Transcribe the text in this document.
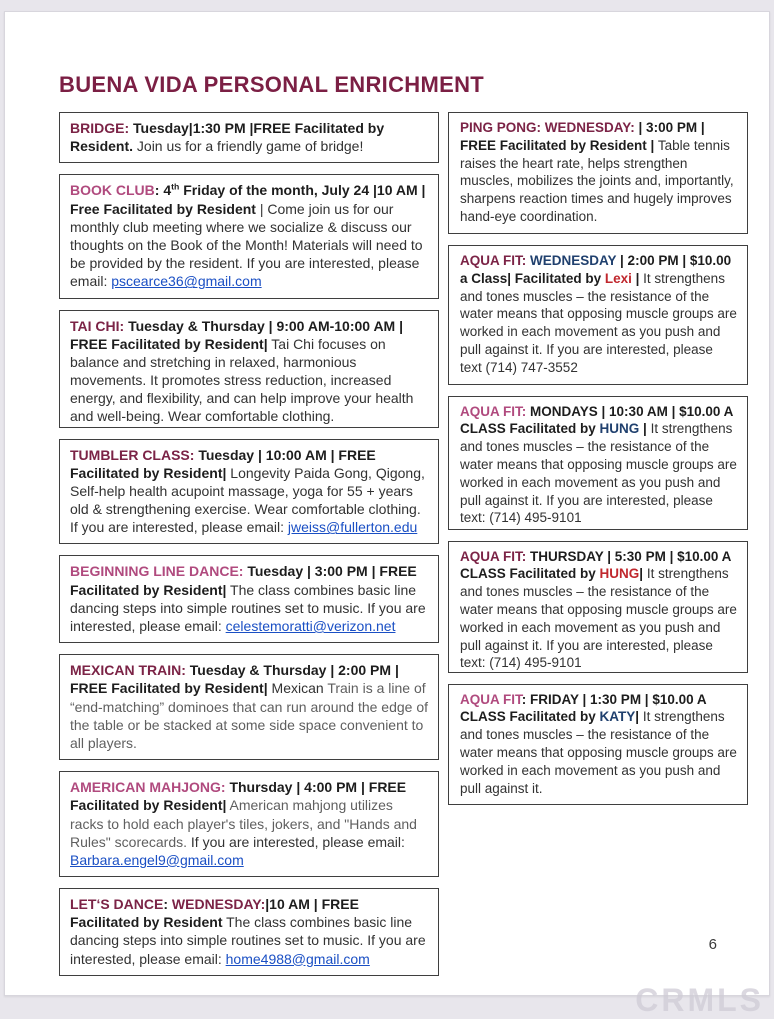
BUENA VIDA PERSONAL ENRICHMENT
BRIDGE: Tuesday|1:30 PM |FREE Facilitated by Resident. Join us for a friendly game of bridge!
BOOK CLUB: 4th Friday of the month, July 24 |10 AM | Free Facilitated by Resident | Come join us for our monthly club meeting where we socialize & discuss our thoughts on the Book of the Month! Materials will need to be provided by the resident. If you are interested, please email: pscearce36@gmail.com
TAI CHI: Tuesday & Thursday | 9:00 AM-10:00 AM | FREE Facilitated by Resident| Tai Chi focuses on balance and stretching in relaxed, harmonious movements. It promotes stress reduction, increased energy, and flexibility, and can help improve your health and well-being. Wear comfortable clothing.
TUMBLER CLASS: Tuesday | 10:00 AM | FREE Facilitated by Resident| Longevity Paida Gong, Qigong, Self-help health acupoint massage, yoga for 55 + years old & strengthening exercise. Wear comfortable clothing. If you are interested, please email: jweiss@fullerton.edu
BEGINNING LINE DANCE: Tuesday | 3:00 PM | FREE Facilitated by Resident| The class combines basic line dancing steps into simple routines set to music. If you are interested, please email: celestemoratti@verizon.net
MEXICAN TRAIN: Tuesday & Thursday | 2:00 PM | FREE Facilitated by Resident| Mexican Train is a line of “end-matching” dominoes that can run around the edge of the table or be stacked at some side space convenient to all players.
AMERICAN MAHJONG: Thursday | 4:00 PM | FREE Facilitated by Resident| American mahjong utilizes racks to hold each player's tiles, jokers, and "Hands and Rules" scorecards. If you are interested, please email: Barbara.engel9@gmail.com
LET‘S DANCE: WEDNESDAY:|10 AM | FREE Facilitated by Resident The class combines basic line dancing steps into simple routines set to music. If you are interested, please email: home4988@gmail.com
PING PONG: WEDNESDAY: | 3:00 PM | FREE Facilitated by Resident | Table tennis raises the heart rate, helps strengthen muscles, mobilizes the joints and, importantly, sharpens reaction times and hugely improves hand-eye coordination.
AQUA FIT: WEDNESDAY | 2:00 PM | $10.00 a Class| Facilitated by Lexi | It strengthens and tones muscles – the resistance of the water means that opposing muscle groups are worked in each movement as you push and pull against it. If you are interested, please text (714) 747-3552
AQUA FIT: MONDAYS | 10:30 AM | $10.00 A CLASS Facilitated by HUNG | It strengthens and tones muscles – the resistance of the water means that opposing muscle groups are worked in each movement as you push and pull against it. If you are interested, please text: (714) 495-9101
AQUA FIT: THURSDAY | 5:30 PM | $10.00 A CLASS Facilitated by HUNG| It strengthens and tones muscles – the resistance of the water means that opposing muscle groups are worked in each movement as you push and pull against it. If you are interested, please text: (714) 495-9101
AQUA FIT: FRIDAY | 1:30 PM | $10.00 A CLASS Facilitated by KATY| It strengthens and tones muscles – the resistance of the water means that opposing muscle groups are worked in each movement as you push and pull against it.
6
CRMLS
